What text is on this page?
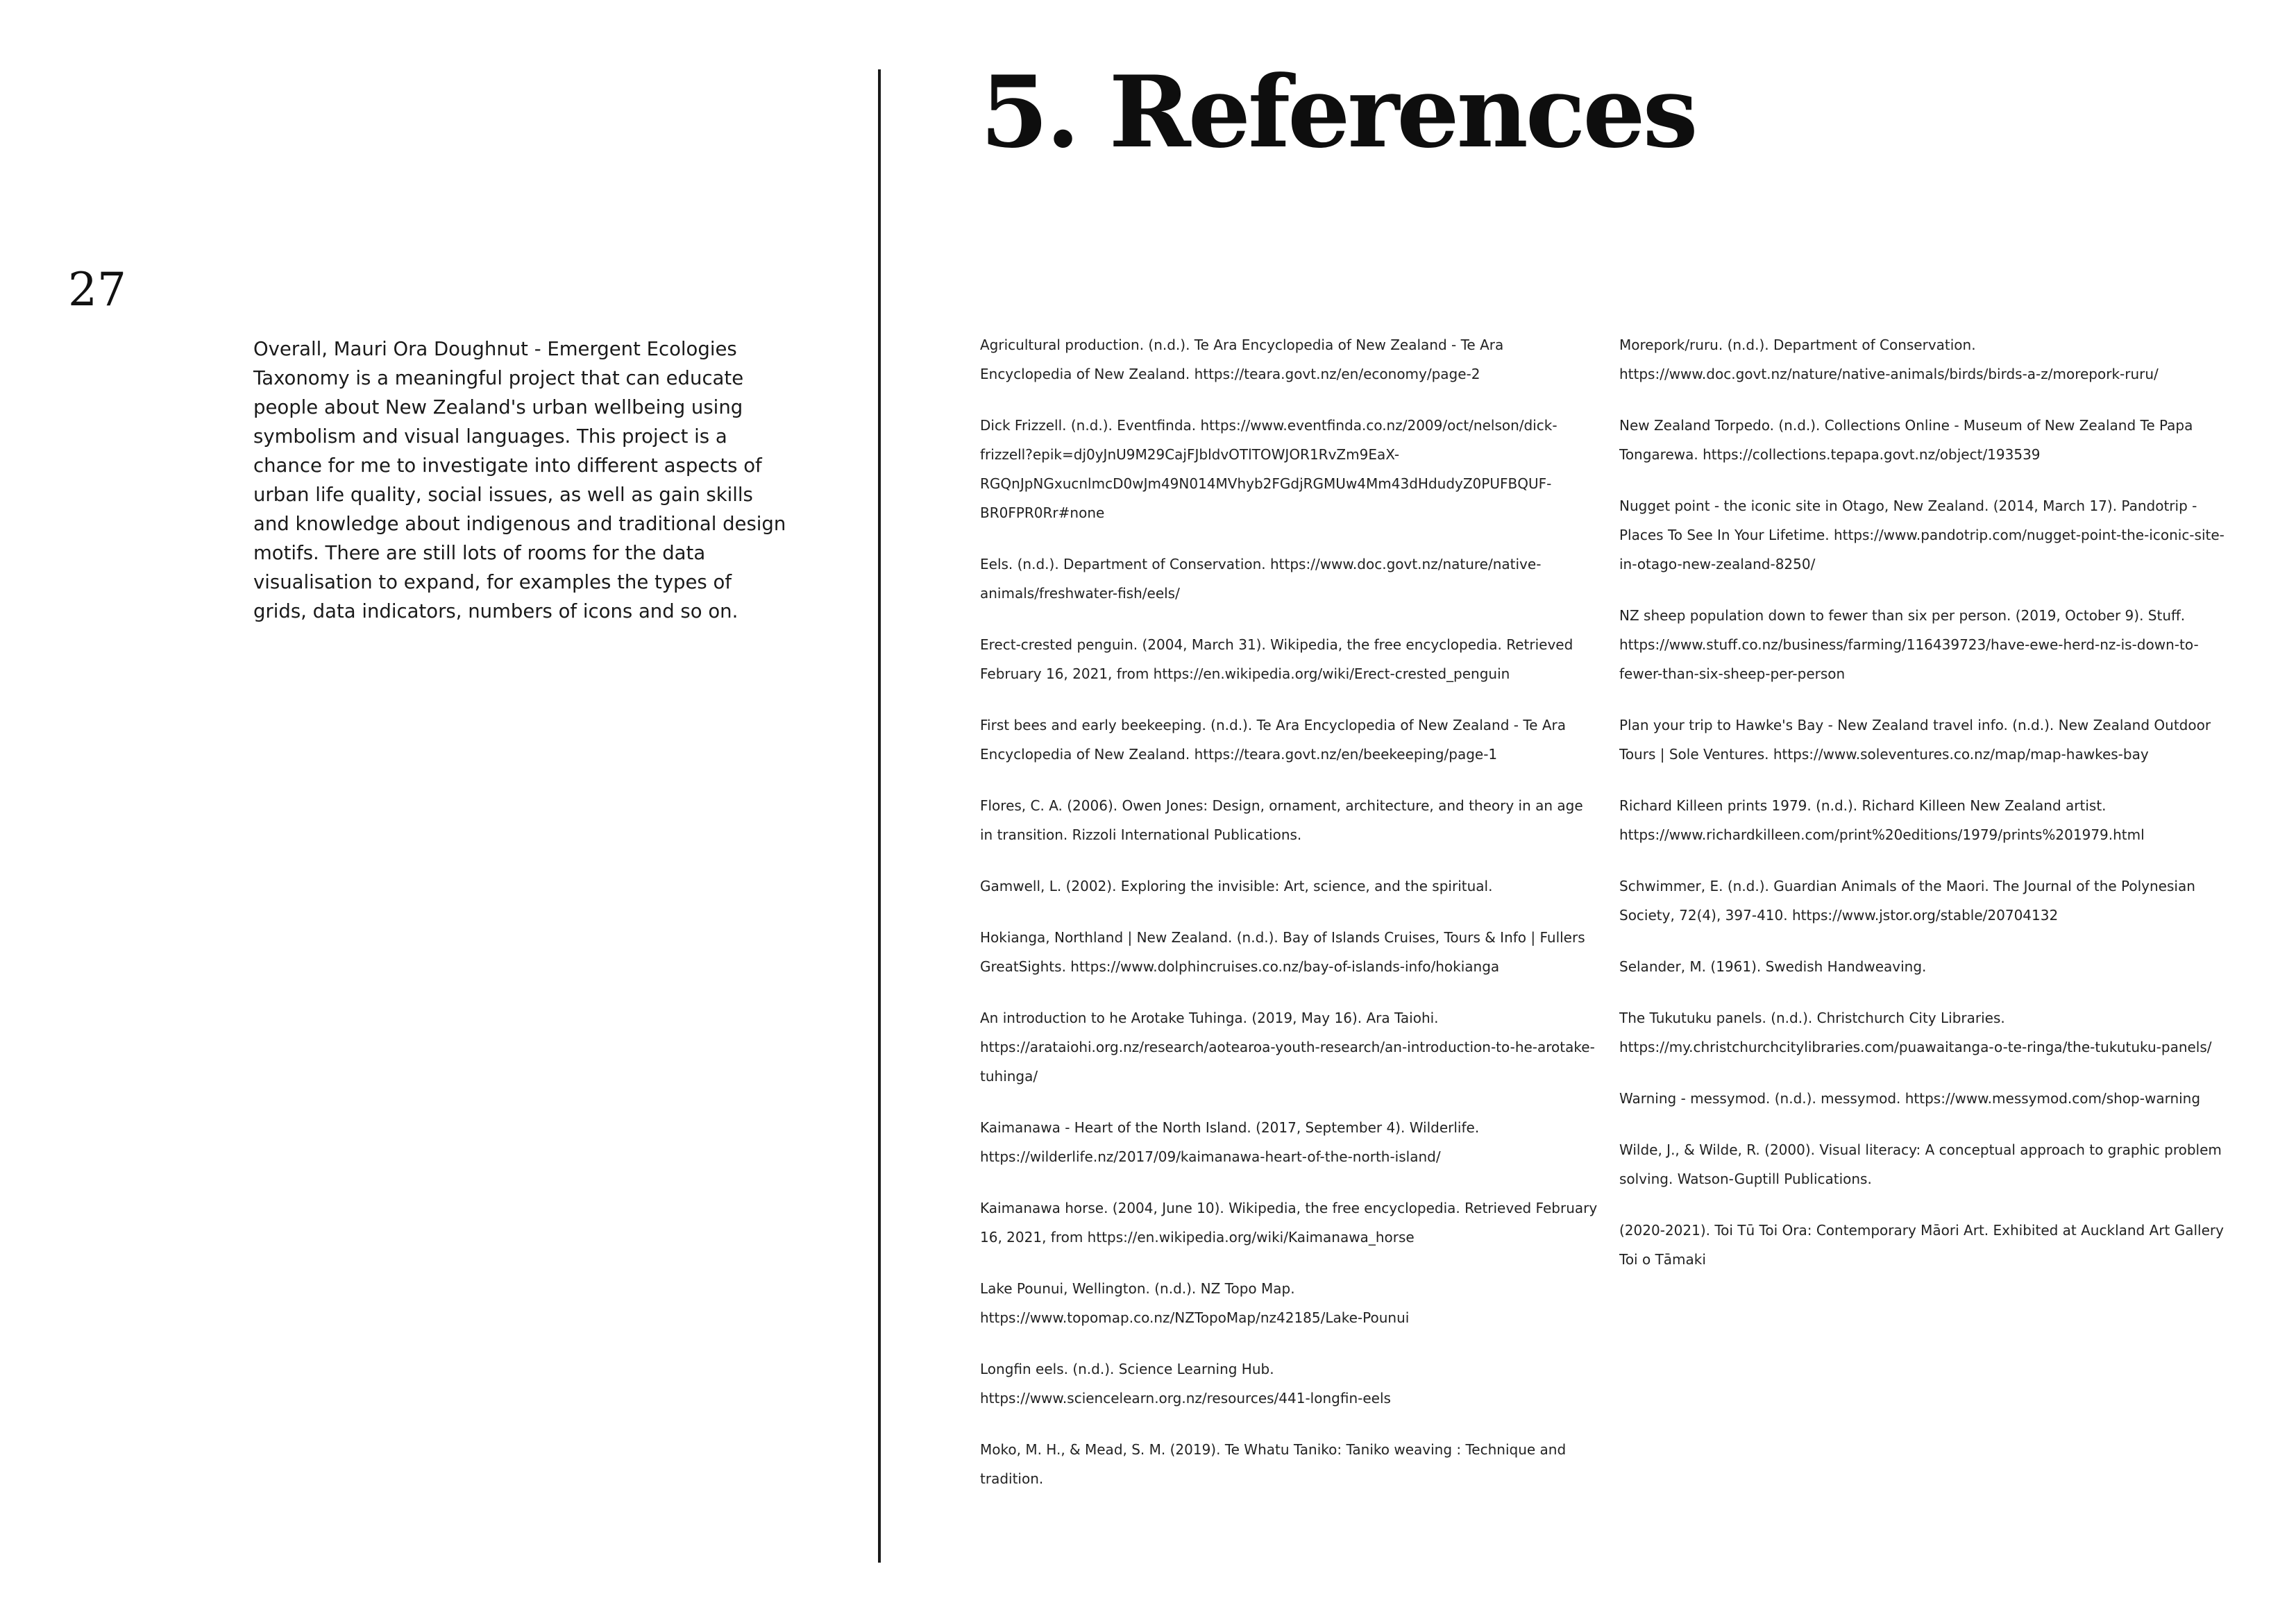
27

Overall, Mauri Ora Doughnut - Emergent Ecologies Taxonomy is a meaningful project that can educate people about New Zealand's urban wellbeing using symbolism and visual languages. This project is a chance for me to investigate into different aspects of urban life quality, social issues, as well as gain skills and knowledge about indigenous and traditional design motifs. There are still lots of rooms for the data visualisation to expand, for examples the types of grids, data indicators, numbers of icons and so on.

5. References
Agricultural production. (n.d.). Te Ara Encyclopedia of New Zealand - Te Ara Encyclopedia of New Zealand. https://teara.govt.nz/en/economy/page-2
Dick Frizzell. (n.d.). Eventfinda. https://www.eventfinda.co.nz/2009/oct/nelson/dick-frizzell?epik=dj0yJnU9M29CajFJbldvOTlTOWJOR1RvZm9EaX-RGQnJpNGxucnlmcD0wJm49N014MVhyb2FGdjRGMUw4Mm43dHdudyZ0PUFBQUF-BR0FPR0Rr#none
Eels. (n.d.). Department of Conservation. https://www.doc.govt.nz/nature/native-animals/freshwater-fish/eels/
Erect-crested penguin. (2004, March 31). Wikipedia, the free encyclopedia. Retrieved February 16, 2021, from https://en.wikipedia.org/wiki/Erect-crested_penguin
First bees and early beekeeping. (n.d.). Te Ara Encyclopedia of New Zealand - Te Ara Encyclopedia of New Zealand. https://teara.govt.nz/en/beekeeping/page-1
Flores, C. A. (2006). Owen Jones: Design, ornament, architecture, and theory in an age in transition. Rizzoli International Publications.
Gamwell, L. (2002). Exploring the invisible: Art, science, and the spiritual.
Hokianga, Northland | New Zealand. (n.d.). Bay of Islands Cruises, Tours & Info | Fullers GreatSights. https://www.dolphincruises.co.nz/bay-of-islands-info/hokianga
An introduction to he Arotake Tuhinga. (2019, May 16). Ara Taiohi. https://arataiohi.org.nz/research/aotearoa-youth-research/an-introduction-to-he-arotake-tuhinga/
Kaimanawa - Heart of the North Island. (2017, September 4). Wilderlife. https://wilderlife.nz/2017/09/kaimanawa-heart-of-the-north-island/
Kaimanawa horse. (2004, June 10). Wikipedia, the free encyclopedia. Retrieved February 16, 2021, from https://en.wikipedia.org/wiki/Kaimanawa_horse
Lake Pounui, Wellington. (n.d.). NZ Topo Map. https://www.topomap.co.nz/NZTopoMap/nz42185/Lake-Pounui
Longfin eels. (n.d.). Science Learning Hub. https://www.sciencelearn.org.nz/resources/441-longfin-eels
Moko, M. H., & Mead, S. M. (2019). Te Whatu Taniko: Taniko weaving : Technique and tradition.
Morepork/ruru. (n.d.). Department of Conservation. https://www.doc.govt.nz/nature/native-animals/birds/birds-a-z/morepork-ruru/
New Zealand Torpedo. (n.d.). Collections Online - Museum of New Zealand Te Papa Tongarewa. https://collections.tepapa.govt.nz/object/193539
Nugget point - the iconic site in Otago, New Zealand. (2014, March 17). Pandotrip - Places To See In Your Lifetime. https://www.pandotrip.com/nugget-point-the-iconic-site-in-otago-new-zealand-8250/
NZ sheep population down to fewer than six per person. (2019, October 9). Stuff. https://www.stuff.co.nz/business/farming/116439723/have-ewe-herd-nz-is-down-to-fewer-than-six-sheep-per-person
Plan your trip to Hawke's Bay - New Zealand travel info. (n.d.). New Zealand Outdoor Tours | Sole Ventures. https://www.soleventures.co.nz/map/map-hawkes-bay
Richard Killeen prints 1979. (n.d.). Richard Killeen New Zealand artist. https://www.richardkilleen.com/print%20editions/1979/prints%201979.html
Schwimmer, E. (n.d.). Guardian Animals of the Maori. The Journal of the Polynesian Society, 72(4), 397-410. https://www.jstor.org/stable/20704132
Selander, M. (1961). Swedish Handweaving.
The Tukutuku panels. (n.d.). Christchurch City Libraries. https://my.christchurchcitylibraries.com/puawaitanga-o-te-ringa/the-tukutuku-panels/
Warning - messymod. (n.d.). messymod. https://www.messymod.com/shop-warning
Wilde, J., & Wilde, R. (2000). Visual literacy: A conceptual approach to graphic problem solving. Watson-Guptill Publications.
(2020-2021). Toi Tū Toi Ora: Contemporary Māori Art. Exhibited at Auckland Art Gallery Toi o Tāmaki
